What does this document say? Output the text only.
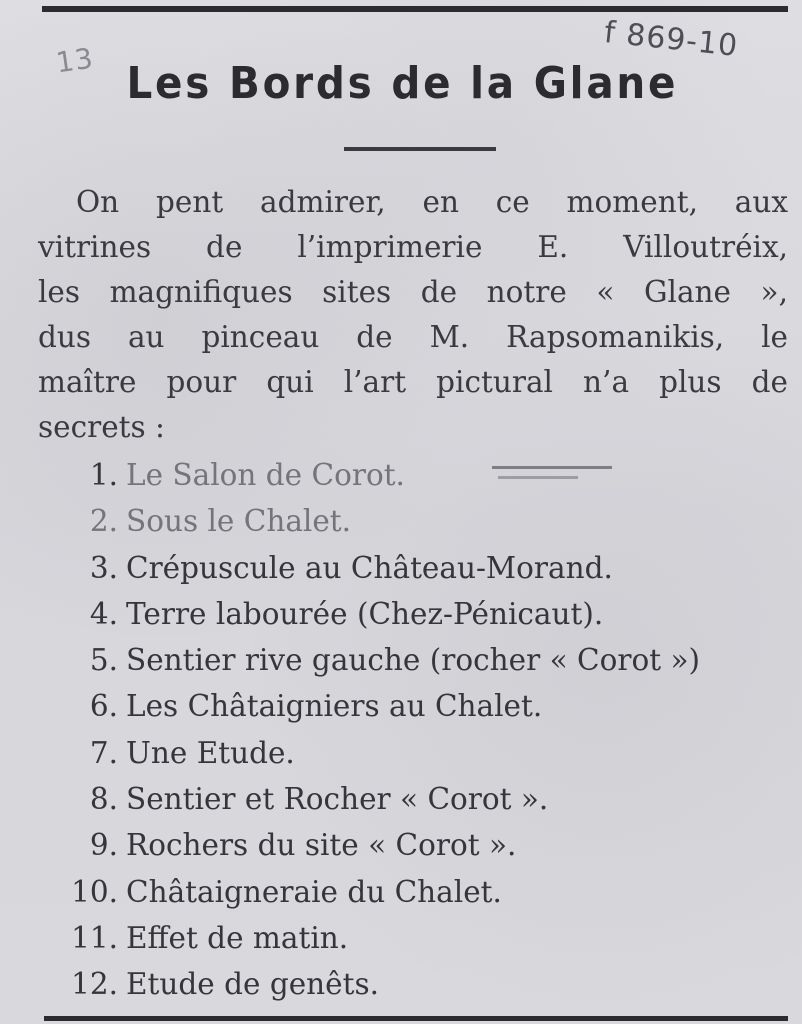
13	f 869-10
Les Bords de la Glane
On pent admirer, en ce moment, aux
vitrines de l’imprimerie E. Villoutréix,
les magnifiques sites de notre « Glane »,
dus au pinceau de M. Rapsomanikis, le
maître pour qui l’art pictural n’a plus de
secrets :
1. Le Salon de Corot.
2. Sous le Chalet.
3. Crépuscule au Château-Morand.
4. Terre labourée (Chez-Pénicaut).
5. Sentier rive gauche (rocher « Corot »)
6. Les Châtaigniers au Chalet.
7. Une Etude.
8. Sentier et Rocher « Corot ».
9. Rochers du site « Corot ».
10. Châtaigneraie du Chalet.
11. Effet de matin.
12. Etude de genêts.
